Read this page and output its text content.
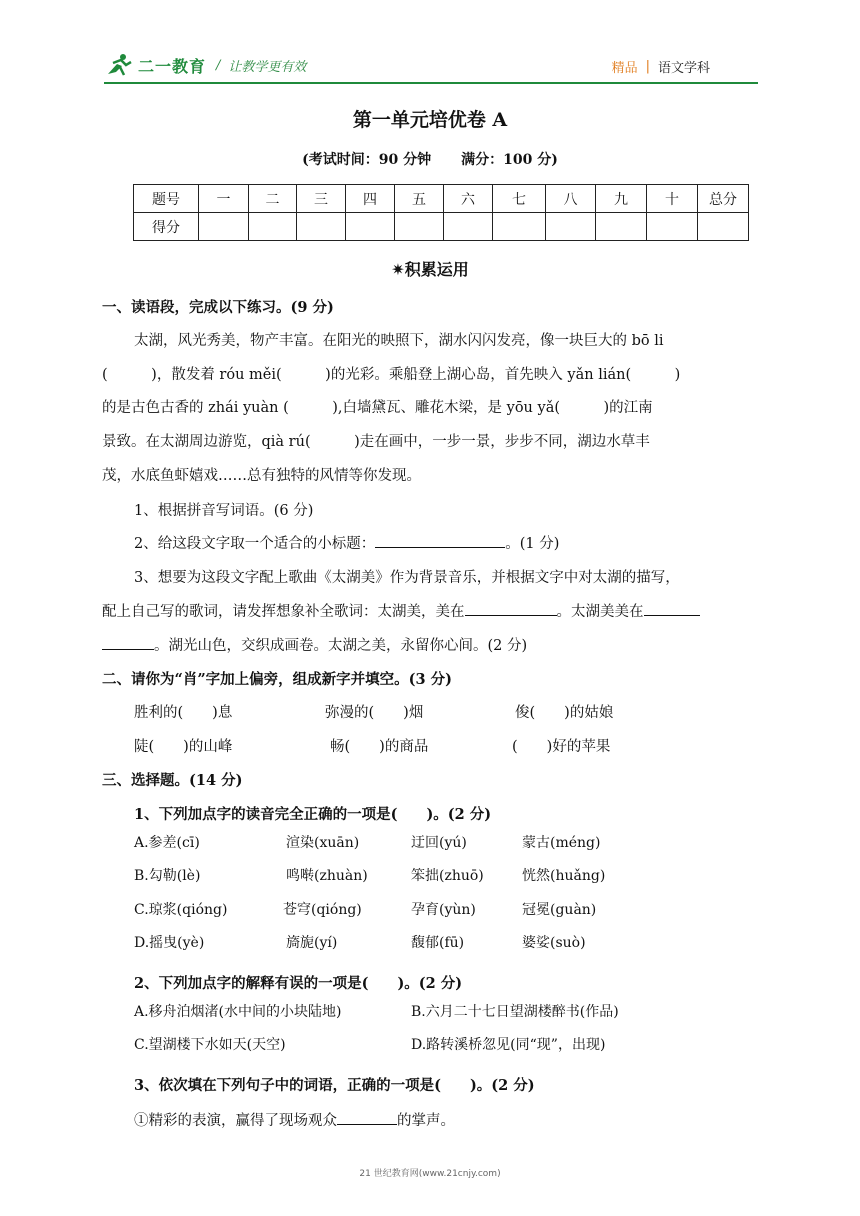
二一教育 / 让教学更有效	精品 | 语文学科
第一单元培优卷 A
(考试时间：90 分钟 满分：100 分)
题号	一	二	三	四	五	六	七	八	九	十	总分
得分											
✷积累运用
一、读语段，完成以下练习。(9 分)
太湖，风光秀美，物产丰富。在阳光的映照下，湖水闪闪发亮，像一块巨大的 bō li
(　　　)，散发着 róu měi(　　　)的光彩。乘船登上湖心岛，首先映入 yǎn lián(　　　)
的是古色古香的 zhái yuàn (　　　),白墙黛瓦、雕花木梁，是 yōu yǎ(　　　)的江南
景致。在太湖周边游览，qià rú(　　　)走在画中，一步一景，步步不同，湖边水草丰
茂，水底鱼虾嬉戏……总有独特的风情等你发现。
1、根据拼音写词语。(6 分)
2、给这段文字取一个适合的小标题：	。(1 分)
3、想要为这段文字配上歌曲《太湖美》作为背景音乐，并根据文字中对太湖的描写，
配上自己写的歌词，请发挥想象补全歌词：太湖美，美在	。太湖美美在
。湖光山色，交织成画卷。太湖之美，永留你心间。(2 分)
二、请你为“肖”字加上偏旁，组成新字并填空。(3 分)
胜利的(　　)息	弥漫的(　　)烟	俊(　　)的姑娘
陡(　　)的山峰	畅(　　)的商品	(　　)好的苹果
三、选择题。(14 分)
1、下列加点字的读音完全正确的一项是(　　)。(2 分)
A.参差(cī)	渲染(xuān)	迂回(yú)	蒙古(méng)
B.勾勒(lè)	鸣啭(zhuàn)	笨拙(zhuō)	恍然(huǎng)
C.琼浆(qióng)	苍穹(qióng)	孕育(yùn)	冠冕(guàn)
D.摇曳(yè)	旖旎(yí)	馥郁(fū)	婆娑(suò)
2、下列加点字的解释有误的一项是(　　)。(2 分)
A.移舟泊烟渚(水中间的小块陆地)	B.六月二十七日望湖楼醉书(作品)
C.望湖楼下水如天(天空)	D.路转溪桥忽见(同“现”，出现)
3、依次填在下列句子中的词语，正确的一项是(　　)。(2 分)
①精彩的表演，赢得了现场观众	的掌声。
21 世纪教育网(www.21cnjy.com)
